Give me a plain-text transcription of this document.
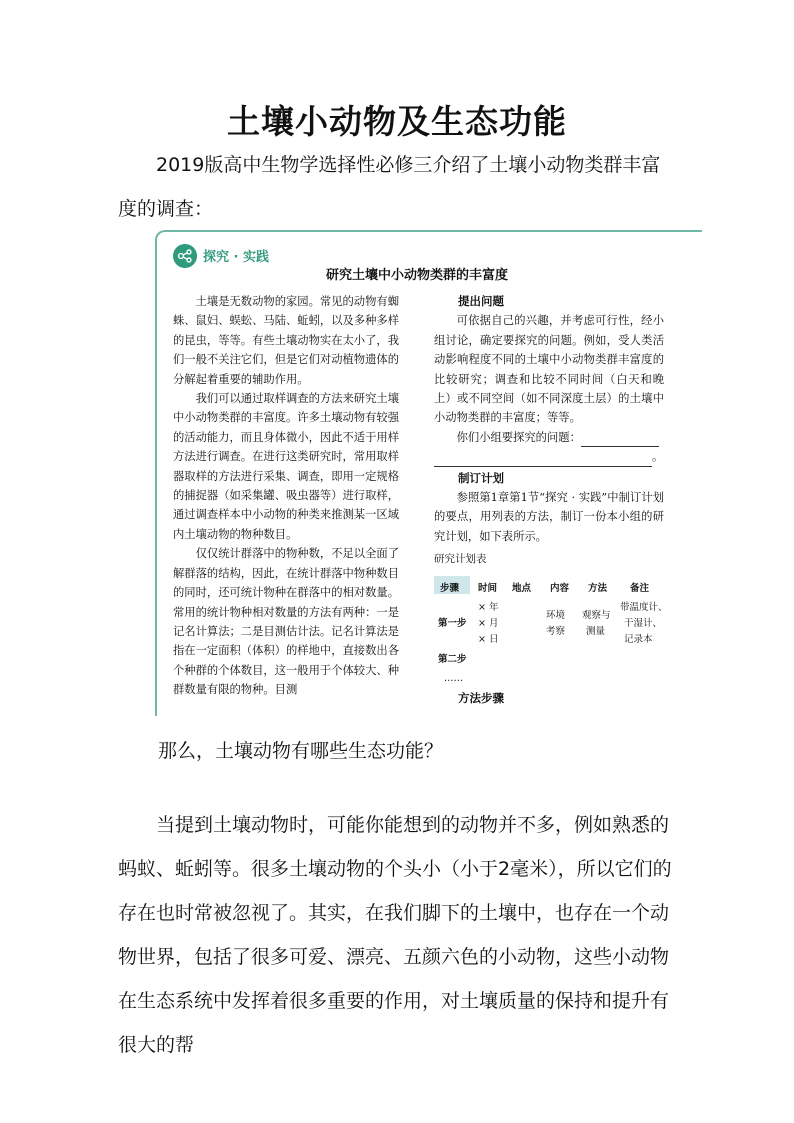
土壤小动物及生态功能

2019版高中生物学选择性必修三介绍了土壤小动物类群丰富度的调查：

探究 · 实践
研究土壤中小动物类群的丰富度

土壤是无数动物的家园。常见的动物有蜘蛛、鼠妇、蜈蚣、马陆、蚯蚓，以及多种多样的昆虫，等等。有些土壤动物实在太小了，我们一般不关注它们，但是它们对动植物遗体的分解起着重要的辅助作用。

我们可以通过取样调查的方法来研究土壤中小动物类群的丰富度。许多土壤动物有较强的活动能力，而且身体微小，因此不适于用样方法进行调查。在进行这类研究时，常用取样器取样的方法进行采集、调查，即用一定规格的捕捉器（如采集罐、吸虫器等）进行取样，通过调查样本中小动物的种类来推测某一区域内土壤动物的物种数目。

仅仅统计群落中的物种数，不足以全面了解群落的结构，因此，在统计群落中物种数目的同时，还可统计物种在群落中的相对数量。常用的统计物种相对数量的方法有两种：一是记名计算法；二是目测估计法。记名计算法是指在一定面积（体积）的样地中，直接数出各个种群的个体数目，这一般用于个体较大、种群数量有限的物种。目测

提出问题

可依据自己的兴趣，并考虑可行性，经小组讨论，确定要探究的问题。例如，受人类活动影响程度不同的土壤中小动物类群丰富度的比较研究；调查和比较不同时间（白天和晚上）或不同空间（如不同深度土层）的土壤中小动物类群的丰富度；等等。

你们小组要探究的问题：

。

制订计划

参照第1章第1节“探究 · 实践”中制订计划的要点，用列表的方法，制订一份本小组的研究计划，如下表所示。

研究计划表

步骤 时间 地点 内容 方法 备注
第一步
× 年
× 月
× 日
环境
考察
观察与
测量
带温度计、
干湿计、
记录本
第二步
……

方法步骤

那么，土壤动物有哪些生态功能？

当提到土壤动物时，可能你能想到的动物并不多，例如熟悉的蚂蚁、蚯蚓等。很多土壤动物的个头小（小于2毫米），所以它们的存在也时常被忽视了。其实，在我们脚下的土壤中，也存在一个动物世界，包括了很多可爱、漂亮、五颜六色的小动物，这些小动物在生态系统中发挥着很多重要的作用，对土壤质量的保持和提升有很大的帮
